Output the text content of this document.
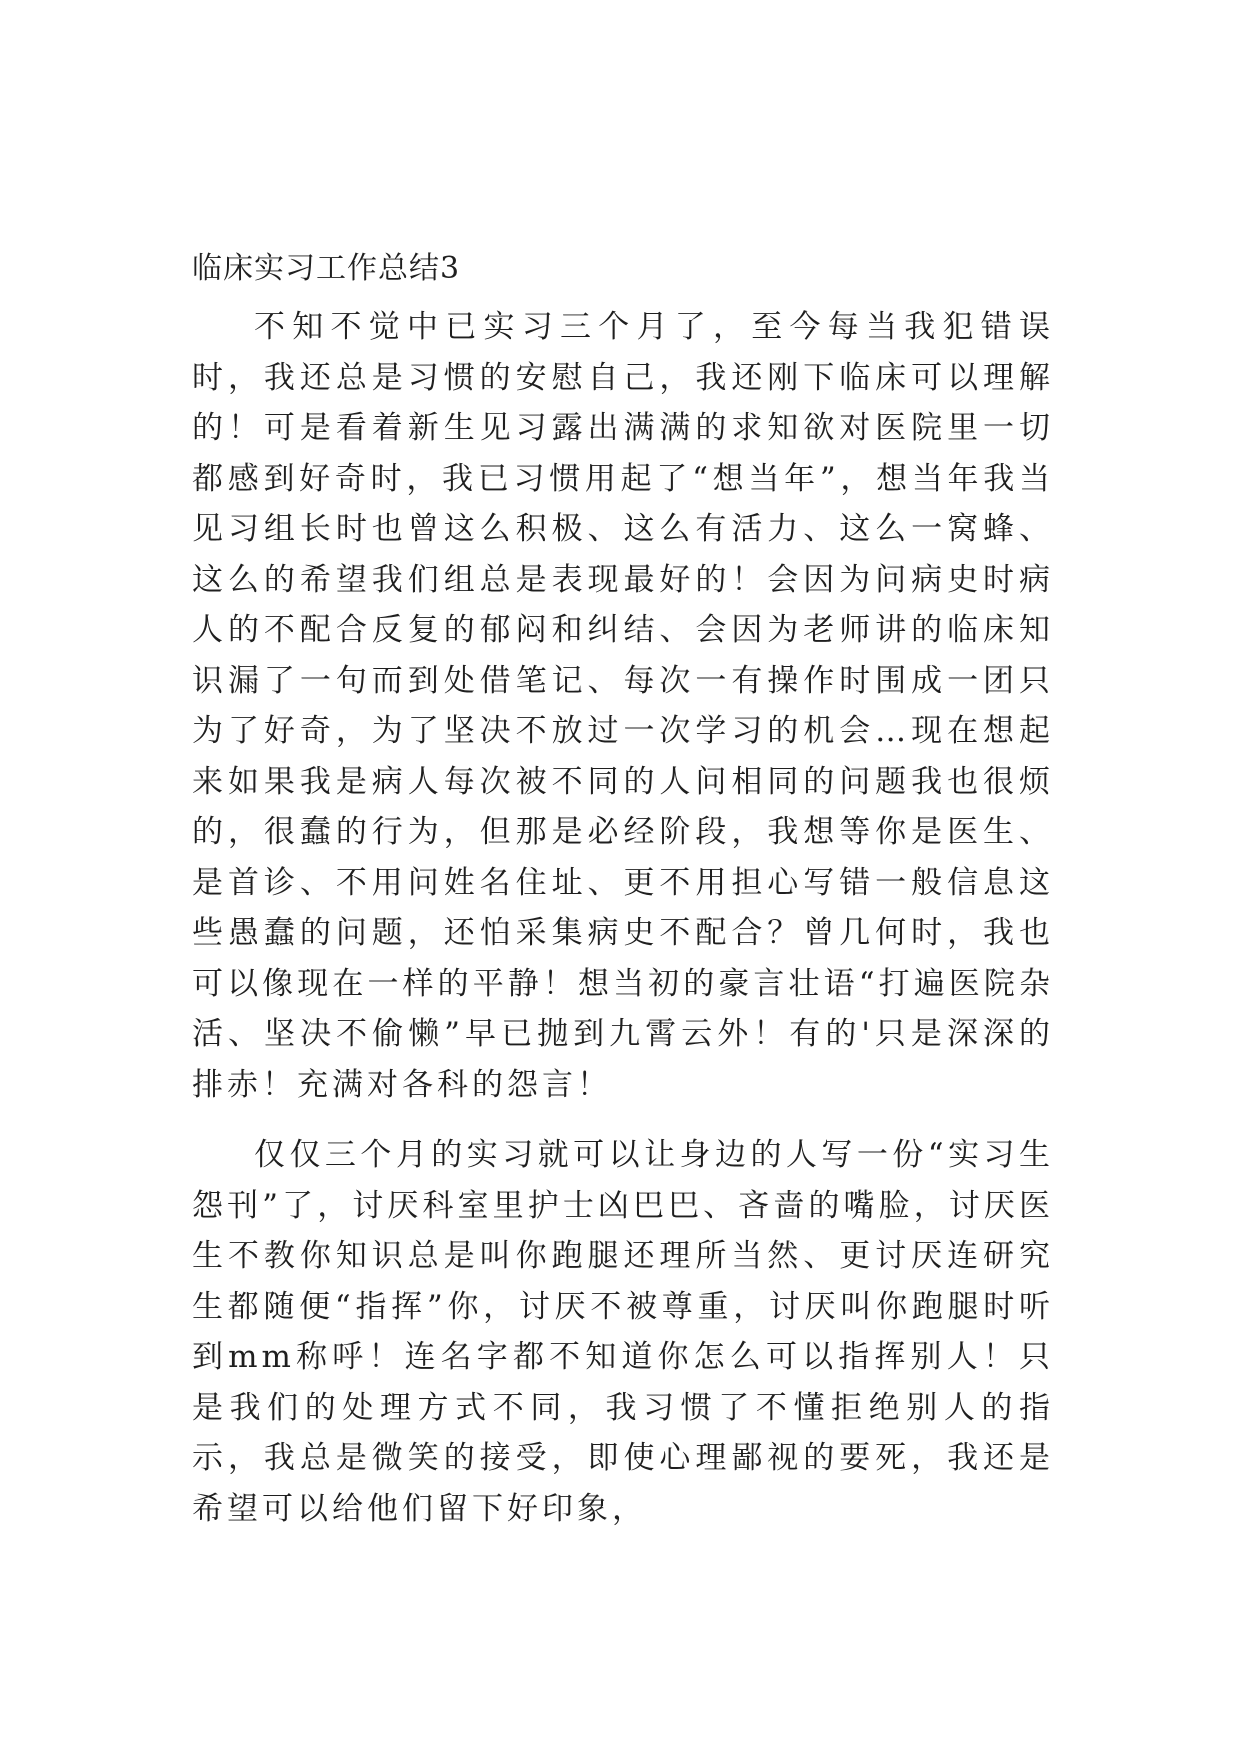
临床实习工作总结3

不知不觉中已实习三个月了，至今每当我犯错误时，我还总是习惯的安慰自己，我还刚下临床可以理解的！可是看着新生见习露出满满的求知欲对医院里一切都感到好奇时，我已习惯用起了“想当年”，想当年我当见习组长时也曾这么积极、这么有活力、这么一窝蜂、这么的希望我们组总是表现最好的！会因为问病史时病人的不配合反复的郁闷和纠结、会因为老师讲的临床知识漏了一句而到处借笔记、每次一有操作时围成一团只为了好奇，为了坚决不放过一次学习的机会…现在想起来如果我是病人每次被不同的人问相同的问题我也很烦的，很蠢的行为，但那是必经阶段，我想等你是医生、是首诊、不用问姓名住址、更不用担心写错一般信息这些愚蠢的问题，还怕采集病史不配合？曾几何时，我也可以像现在一样的平静！想当初的豪言壮语“打遍医院杂活、坚决不偷懒”早已抛到九霄云外！有的'只是深深的排赤！充满对各科的怨言！

仅仅三个月的实习就可以让身边的人写一份“实习生怨刊”了，讨厌科室里护士凶巴巴、吝啬的嘴脸，讨厌医生不教你知识总是叫你跑腿还理所当然、更讨厌连研究生都随便“指挥”你，讨厌不被尊重，讨厌叫你跑腿时听到mm称呼！连名字都不知道你怎么可以指挥别人！只是我们的处理方式不同，我习惯了不懂拒绝别人的指示，我总是微笑的接受，即使心理鄙视的要死，我还是希望可以给他们留下好印象，
